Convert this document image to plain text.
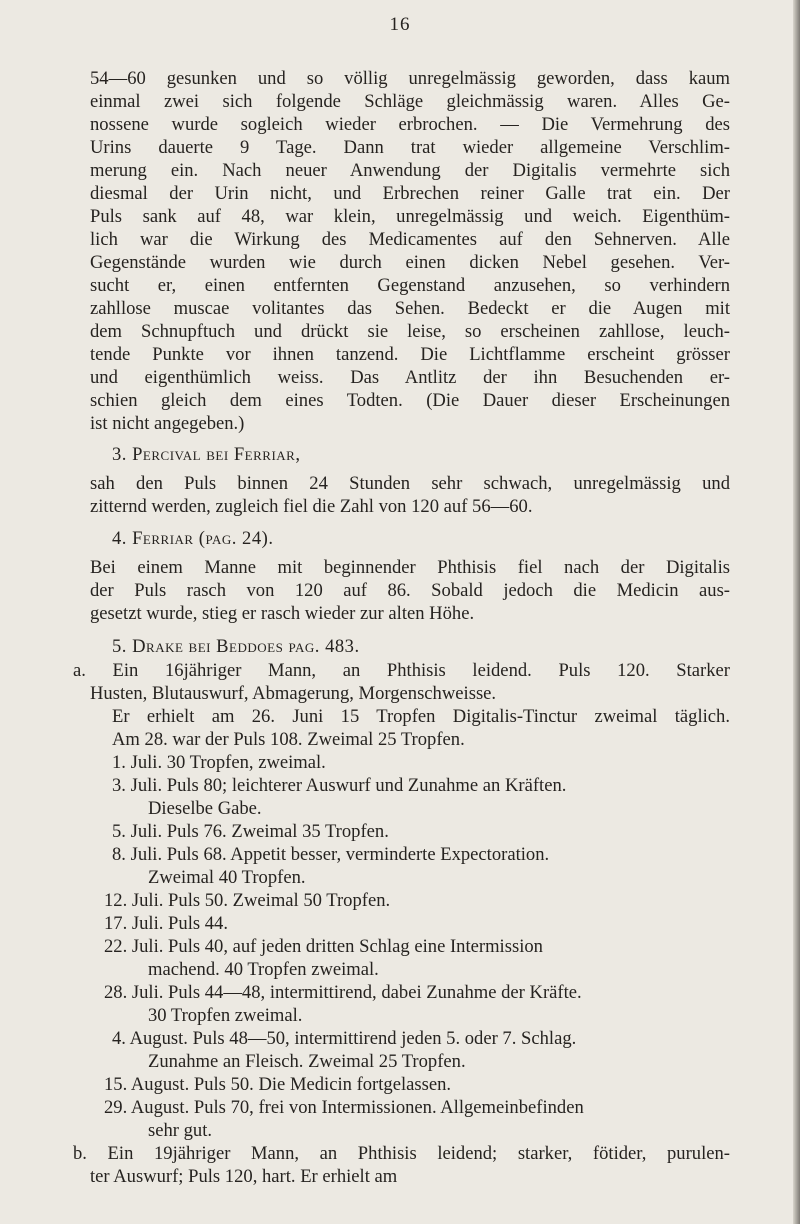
16
54—60 gesunken und so völlig unregelmässig geworden, dass kaum
einmal zwei sich folgende Schläge gleichmässig waren. Alles Ge-
nossene wurde sogleich wieder erbrochen. — Die Vermehrung des
Urins dauerte 9 Tage. Dann trat wieder allgemeine Verschlim-
merung ein. Nach neuer Anwendung der Digitalis vermehrte sich
diesmal der Urin nicht, und Erbrechen reiner Galle trat ein. Der
Puls sank auf 48, war klein, unregelmässig und weich. Eigenthüm-
lich war die Wirkung des Medicamentes auf den Sehnerven. Alle
Gegenstände wurden wie durch einen dicken Nebel gesehen. Ver-
sucht er, einen entfernten Gegenstand anzusehen, so verhindern
zahllose muscae volitantes das Sehen. Bedeckt er die Augen mit
dem Schnupftuch und drückt sie leise, so erscheinen zahllose, leuch-
tende Punkte vor ihnen tanzend. Die Lichtflamme erscheint grösser
und eigenthümlich weiss. Das Antlitz der ihn Besuchenden er-
schien gleich dem eines Todten. (Die Dauer dieser Erscheinungen
ist nicht angegeben.)
3. Percival bei Ferriar,
sah den Puls binnen 24 Stunden sehr schwach, unregelmässig und
zitternd werden, zugleich fiel die Zahl von 120 auf 56—60.
4. Ferriar (pag. 24).
Bei einem Manne mit beginnender Phthisis fiel nach der Digitalis
der Puls rasch von 120 auf 86. Sobald jedoch die Medicin aus-
gesetzt wurde, stieg er rasch wieder zur alten Höhe.
5. Drake bei Beddoes pag. 483.
a. Ein 16jähriger Mann, an Phthisis leidend. Puls 120. Starker
Husten, Blutauswurf, Abmagerung, Morgenschweisse.
Er erhielt am 26. Juni 15 Tropfen Digitalis-Tinctur zweimal täglich.
Am 28. war der Puls 108. Zweimal 25 Tropfen.
1. Juli. 30 Tropfen, zweimal.
3. Juli. Puls 80; leichterer Auswurf und Zunahme an Kräften.
Dieselbe Gabe.
5. Juli. Puls 76. Zweimal 35 Tropfen.
8. Juli. Puls 68. Appetit besser, verminderte Expectoration.
Zweimal 40 Tropfen.
12. Juli. Puls 50. Zweimal 50 Tropfen.
17. Juli. Puls 44.
22. Juli. Puls 40, auf jeden dritten Schlag eine Intermission
machend. 40 Tropfen zweimal.
28. Juli. Puls 44—48, intermittirend, dabei Zunahme der Kräfte.
30 Tropfen zweimal.
4. August. Puls 48—50, intermittirend jeden 5. oder 7. Schlag.
Zunahme an Fleisch. Zweimal 25 Tropfen.
15. August. Puls 50. Die Medicin fortgelassen.
29. August. Puls 70, frei von Intermissionen. Allgemeinbefinden
sehr gut.
b. Ein 19jähriger Mann, an Phthisis leidend; starker, fötider, purulen-
ter Auswurf; Puls 120, hart. Er erhielt am
